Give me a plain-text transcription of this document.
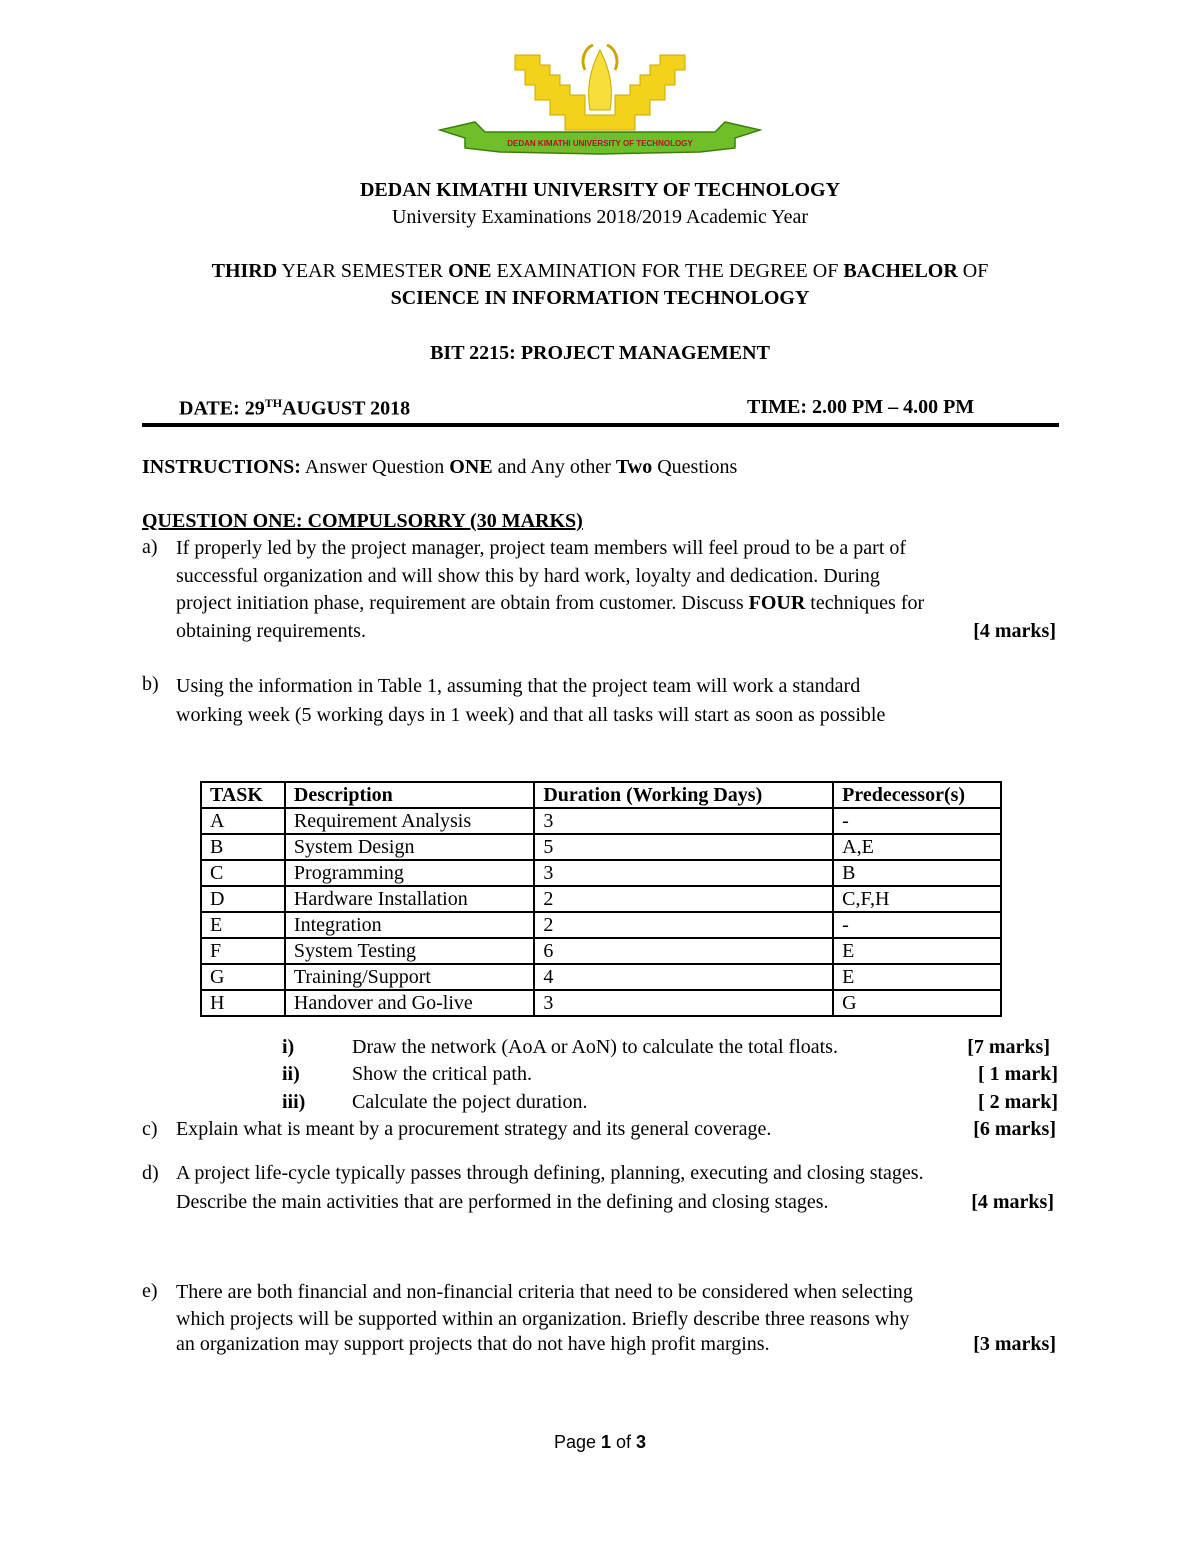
DEDAN KIMATHI UNIVERSITY OF TECHNOLOGY
DEDAN KIMATHI UNIVERSITY OF TECHNOLOGY
University Examinations 2018/2019 Academic Year
THIRD YEAR SEMESTER ONE EXAMINATION FOR THE DEGREE OF BACHELOR OF
SCIENCE IN INFORMATION TECHNOLOGY
BIT 2215: PROJECT MANAGEMENT
DATE: 29THAUGUST 2018	TIME: 2.00 PM – 4.00 PM
INSTRUCTIONS: Answer Question ONE and Any other Two Questions
QUESTION ONE: COMPULSORRY (30 MARKS)
a) If properly led by the project manager, project team members will feel proud to be a part of
successful organization and will show this by hard work, loyalty and dedication. During
project initiation phase, requirement are obtain from customer. Discuss FOUR techniques for
obtaining requirements.	[4 marks]
b) Using the information in Table 1, assuming that the project team will work a standard
working week (5 working days in 1 week) and that all tasks will start as soon as possible
TASK	Description	Duration (Working Days)	Predecessor(s)
A	Requirement Analysis	3	-
B	System Design	5	A,E
C	Programming	3	B
D	Hardware Installation	2	C,F,H
E	Integration	2	-
F	System Testing	6	E
G	Training/Support	4	E
H	Handover and Go-live	3	G
i)	Draw the network (AoA or AoN) to calculate the total floats.	[7 marks]
ii)	Show the critical path.	[ 1 mark]
iii) Calculate the poject duration.	[ 2 mark]
c) Explain what is meant by a procurement strategy and its general coverage.	[6 marks]
d) A project life-cycle typically passes through defining, planning, executing and closing stages.
Describe the main activities that are performed in the defining and closing stages.	[4 marks]
e) There are both financial and non-financial criteria that need to be considered when selecting
which projects will be supported within an organization. Briefly describe three reasons why
an organization may support projects that do not have high profit margins.	[3 marks]
Page 1 of 3
